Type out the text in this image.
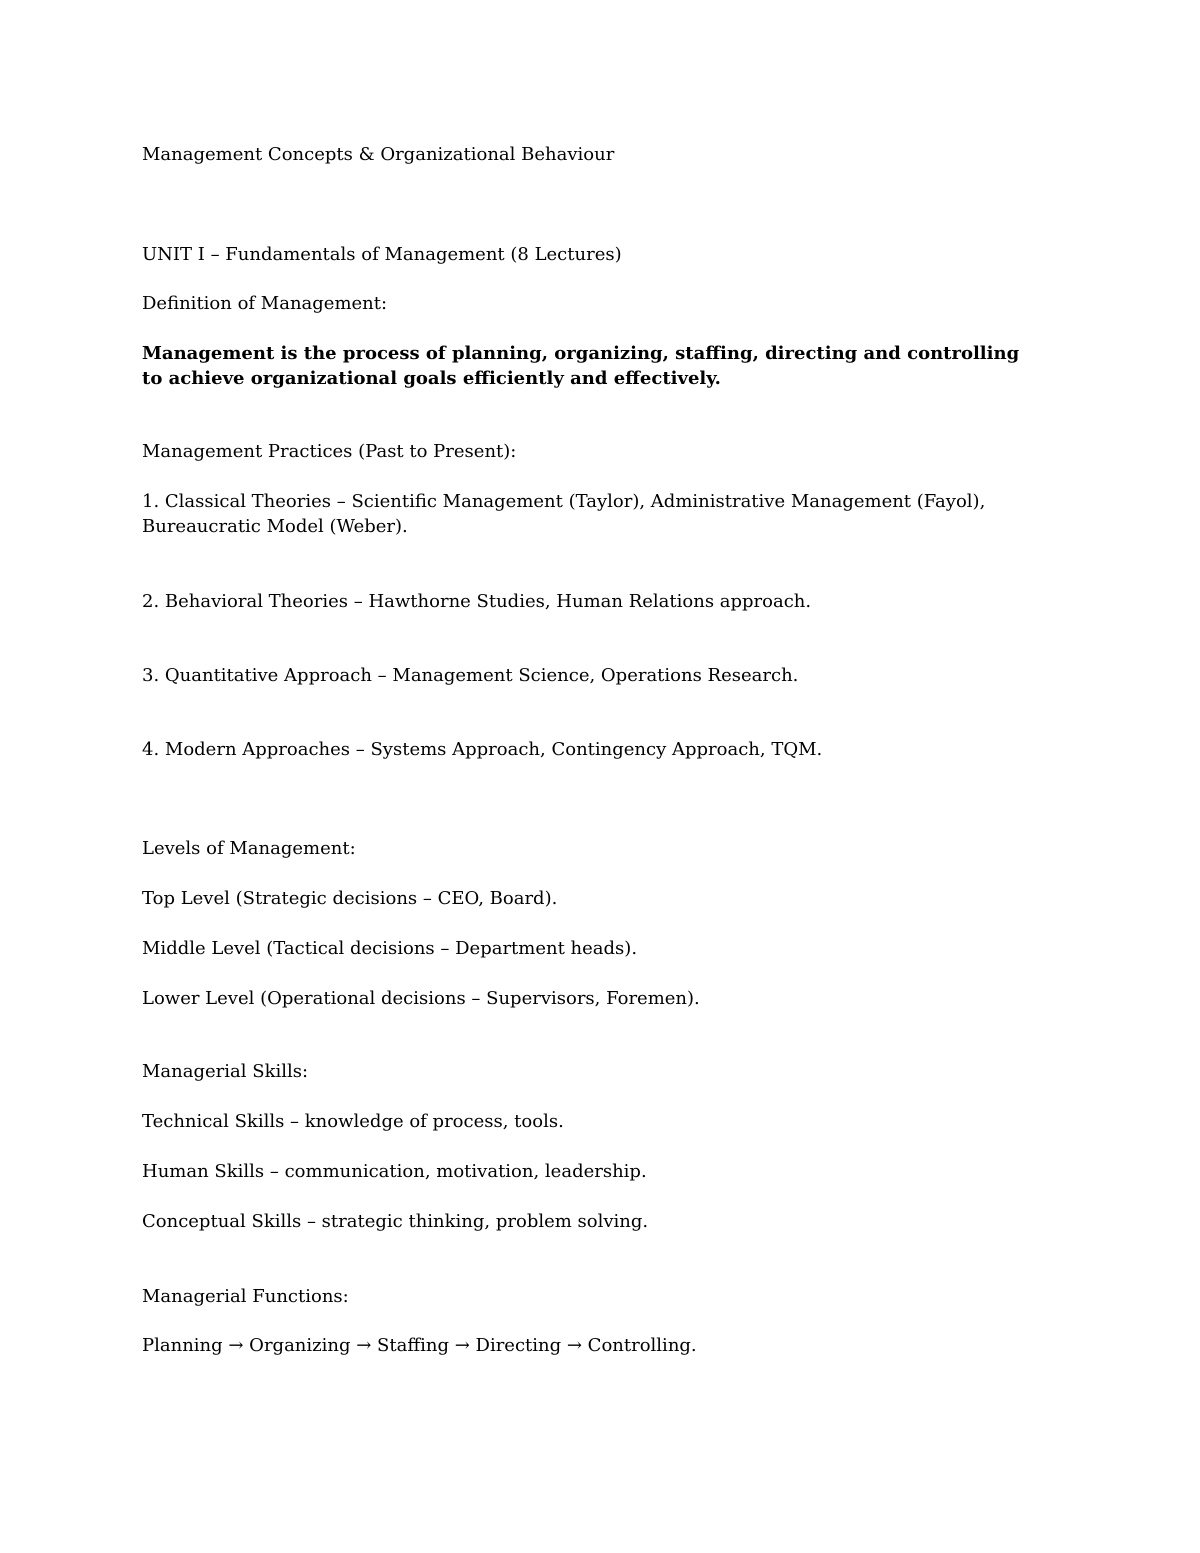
Management Concepts & Organizational Behaviour
UNIT I – Fundamentals of Management (8 Lectures)
Definition of Management:
Management is the process of planning, organizing, staffing, directing and controlling to achieve organizational goals efficiently and effectively.
Management Practices (Past to Present):
1. Classical Theories – Scientific Management (Taylor), Administrative Management (Fayol), Bureaucratic Model (Weber).
2. Behavioral Theories – Hawthorne Studies, Human Relations approach.
3. Quantitative Approach – Management Science, Operations Research.
4. Modern Approaches – Systems Approach, Contingency Approach, TQM.
Levels of Management:
Top Level (Strategic decisions – CEO, Board).
Middle Level (Tactical decisions – Department heads).
Lower Level (Operational decisions – Supervisors, Foremen).
Managerial Skills:
Technical Skills – knowledge of process, tools.
Human Skills – communication, motivation, leadership.
Conceptual Skills – strategic thinking, problem solving.
Managerial Functions:
Planning → Organizing → Staffing → Directing → Controlling.
